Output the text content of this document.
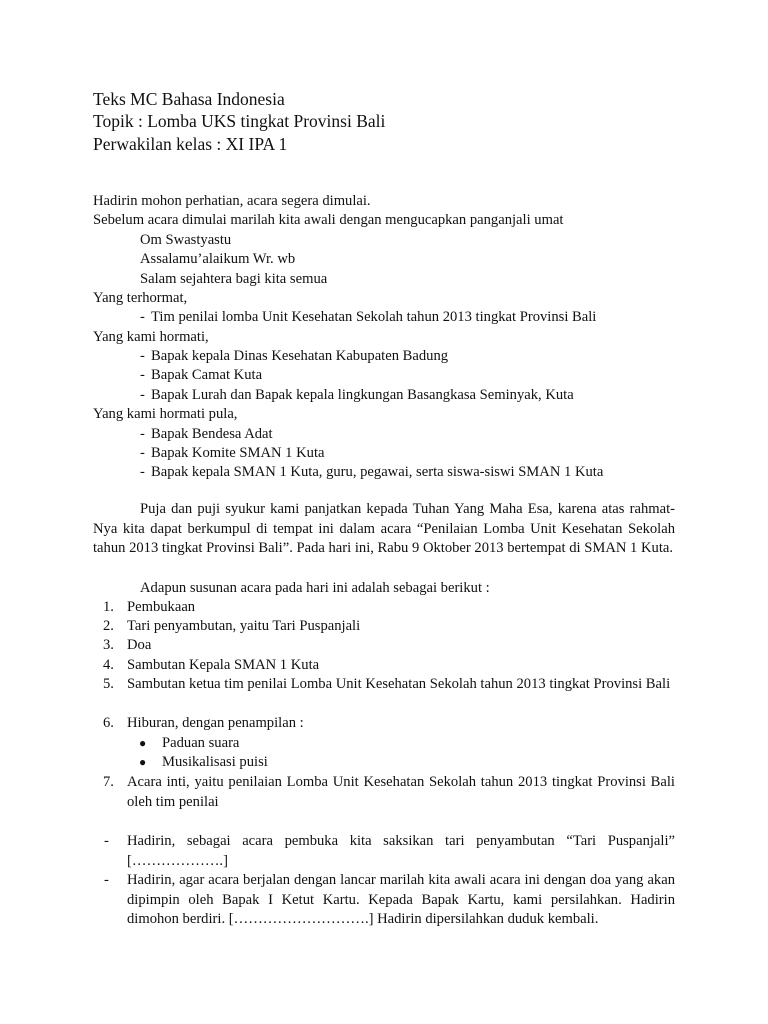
Teks MC Bahasa Indonesia
Topik : Lomba UKS tingkat Provinsi Bali
Perwakilan kelas : XI IPA 1
Hadirin mohon perhatian, acara segera dimulai.
Sebelum acara dimulai marilah kita awali dengan mengucapkan panganjali umat
Om Swastyastu
Assalamu’alaikum Wr. wb
Salam sejahtera bagi kita semua
Yang terhormat,
- Tim penilai lomba Unit Kesehatan Sekolah tahun 2013 tingkat Provinsi Bali
Yang kami hormati,
- Bapak kepala Dinas Kesehatan Kabupaten Badung
- Bapak Camat Kuta
- Bapak Lurah dan Bapak kepala lingkungan Basangkasa Seminyak, Kuta
Yang kami hormati pula,
- Bapak Bendesa Adat
- Bapak Komite SMAN 1 Kuta
- Bapak kepala SMAN 1 Kuta, guru, pegawai, serta siswa-siswi SMAN 1 Kuta
Puja dan puji syukur kami panjatkan kepada Tuhan Yang Maha Esa, karena atas rahmat-Nya kita dapat berkumpul di tempat ini dalam acara “Penilaian Lomba Unit Kesehatan Sekolah tahun 2013 tingkat Provinsi Bali”. Pada hari ini, Rabu 9 Oktober 2013 bertempat di SMAN 1 Kuta.
Adapun susunan acara pada hari ini adalah sebagai berikut :
1. Pembukaan
2. Tari penyambutan, yaitu Tari Puspanjali
3. Doa
4. Sambutan Kepala SMAN 1 Kuta
5. Sambutan ketua tim penilai Lomba Unit Kesehatan Sekolah tahun 2013 tingkat Provinsi Bali
6. Hiburan, dengan penampilan :
● Paduan suara
● Musikalisasi puisi
7. Acara inti, yaitu penilaian Lomba Unit Kesehatan Sekolah tahun 2013 tingkat Provinsi Bali oleh tim penilai
- Hadirin, sebagai acara pembuka kita saksikan tari penyambutan “Tari Puspanjali” [……………….]
- Hadirin, agar acara berjalan dengan lancar marilah kita awali acara ini dengan doa yang akan dipimpin oleh Bapak I Ketut Kartu. Kepada Bapak Kartu, kami persilahkan. Hadirin dimohon berdiri. [……………………….] Hadirin dipersilahkan duduk kembali.
